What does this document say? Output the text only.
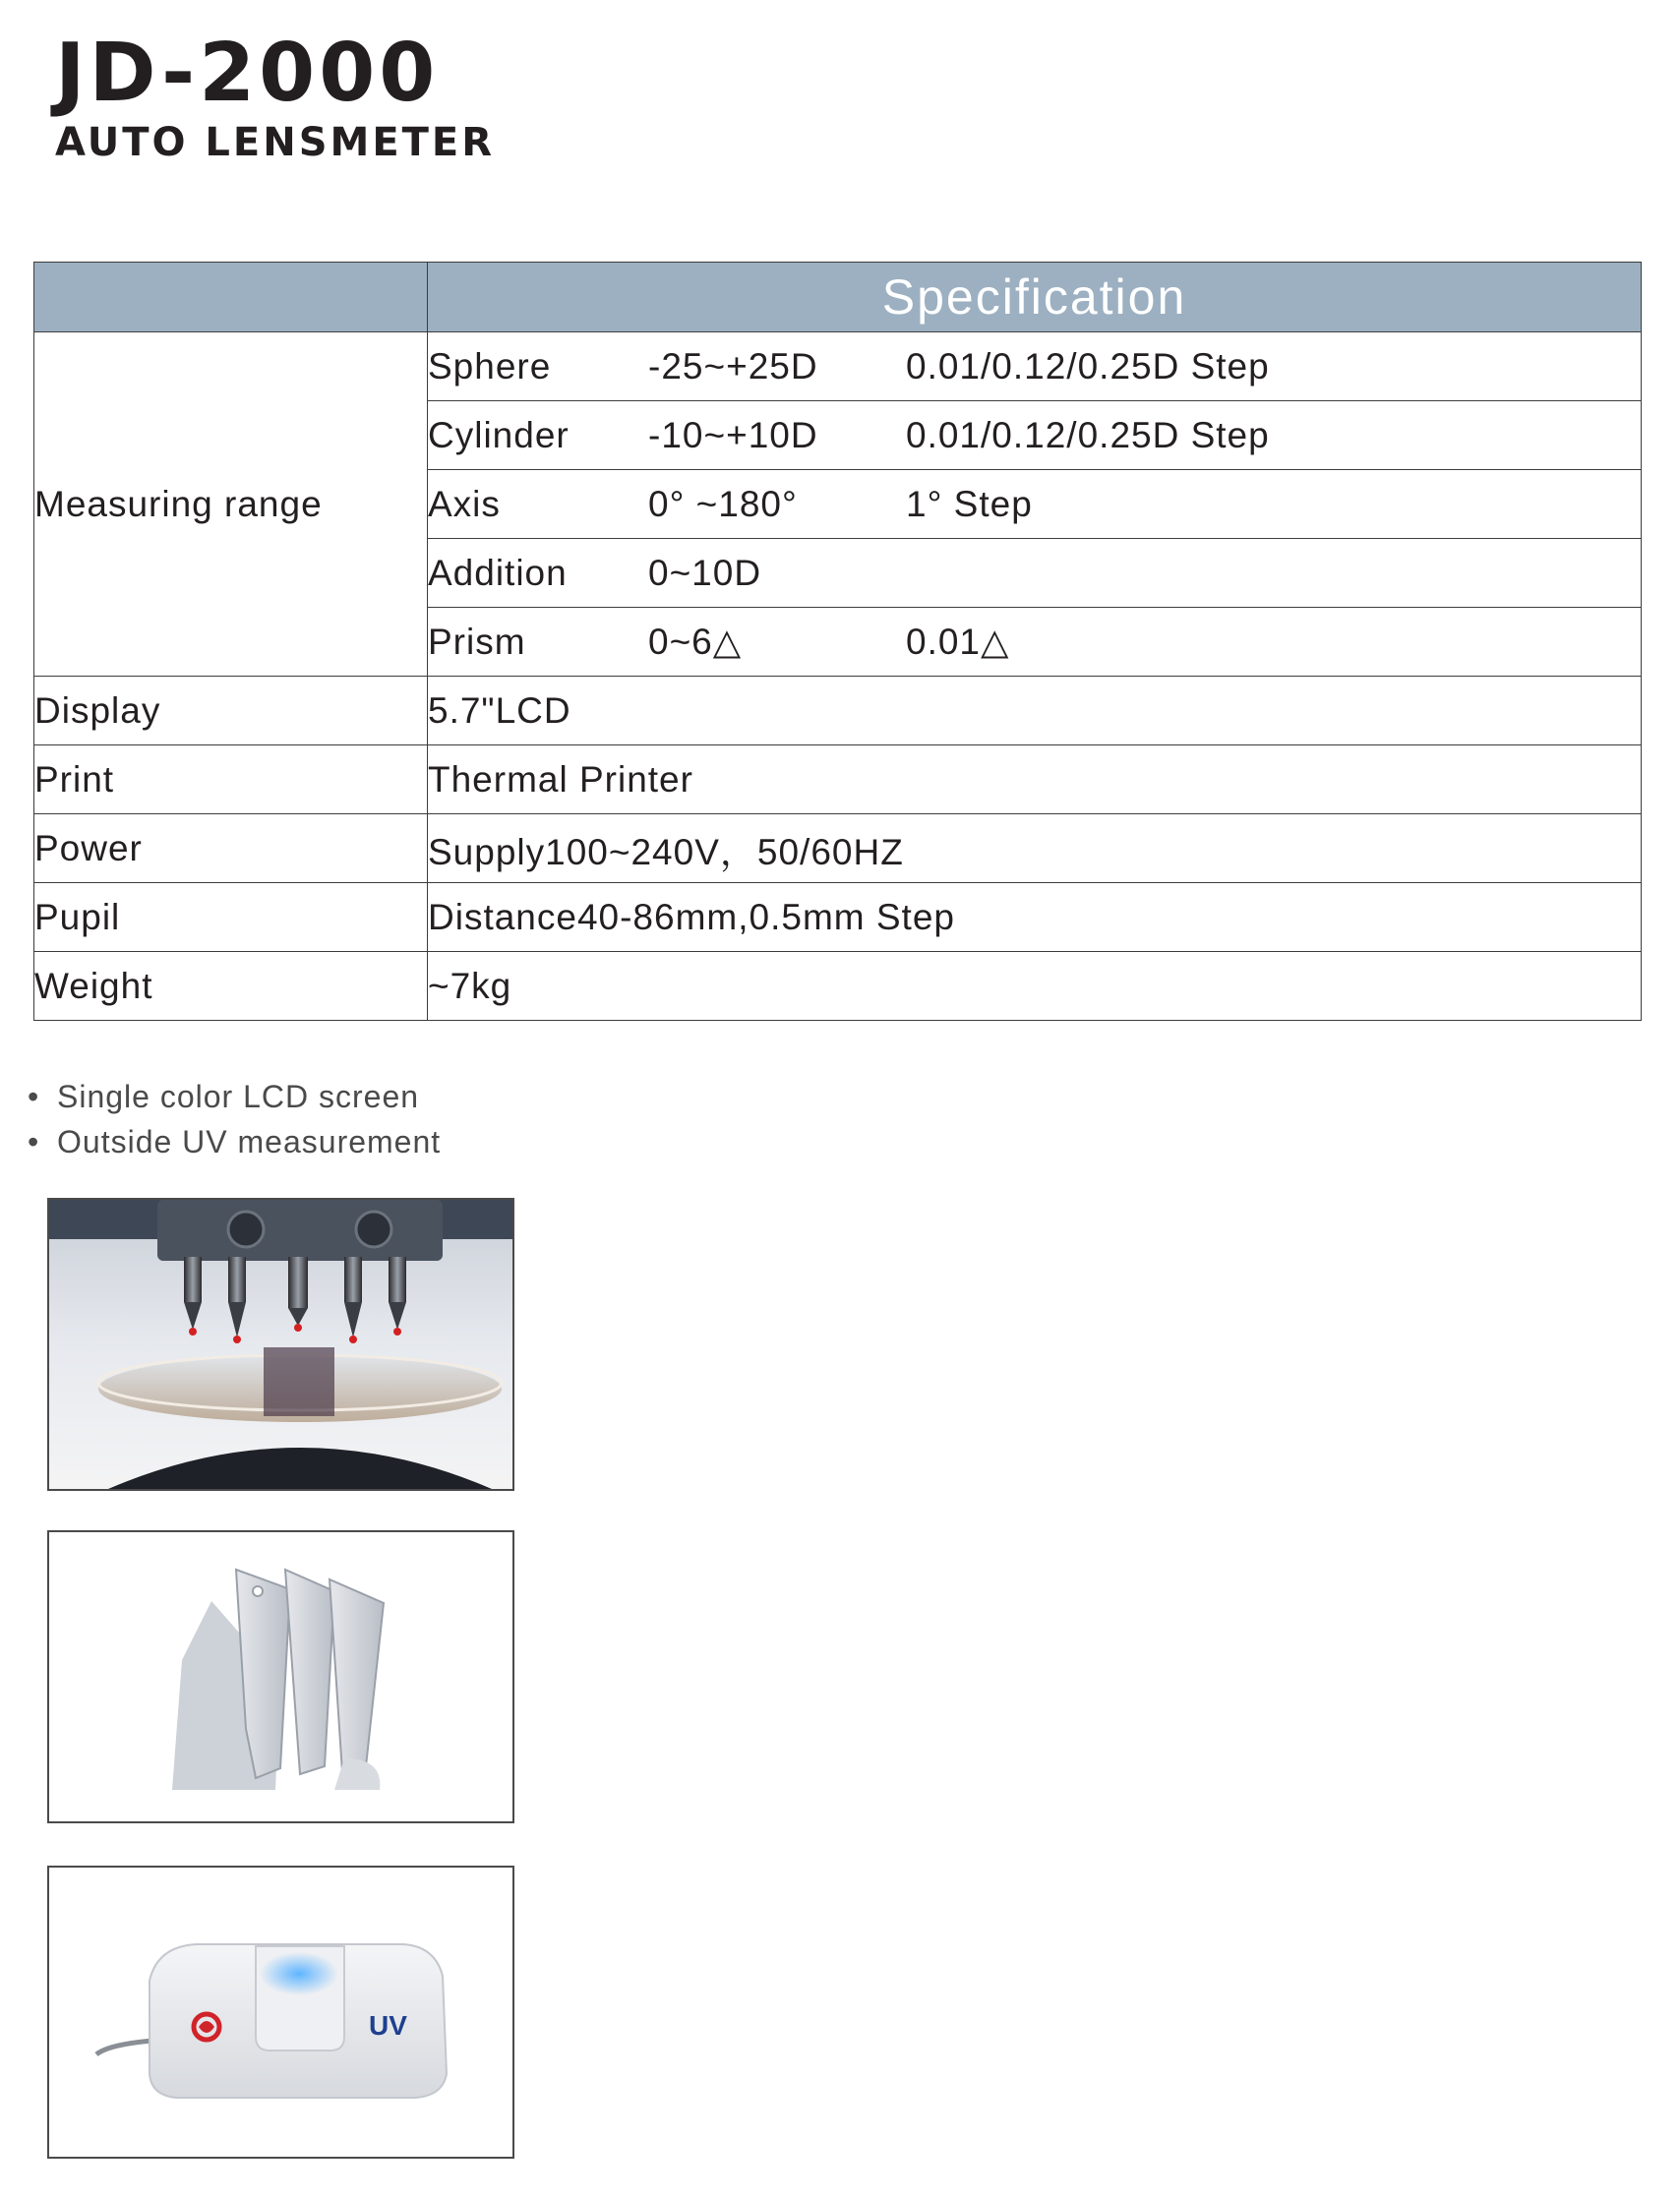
JD-2000
AUTO LENSMETER
	Specification
Measuring range	Sphere -25~+25D 0.01/0.12/0.25D Step

	Cylinder -10~+10D 0.01/0.12/0.25D Step

	Axis 0° ~180° 1° Step

	Addition 0~10D

	Prism 0~6△ 0.01△

Display	5.7"LCD
Print	Thermal Printer
Power	Supply100~240V，50/60HZ
Pupil	Distance40-86mm,0.5mm Step
Weight	~7kg
• Single color LCD screen
• Outside UV measurement
UV
